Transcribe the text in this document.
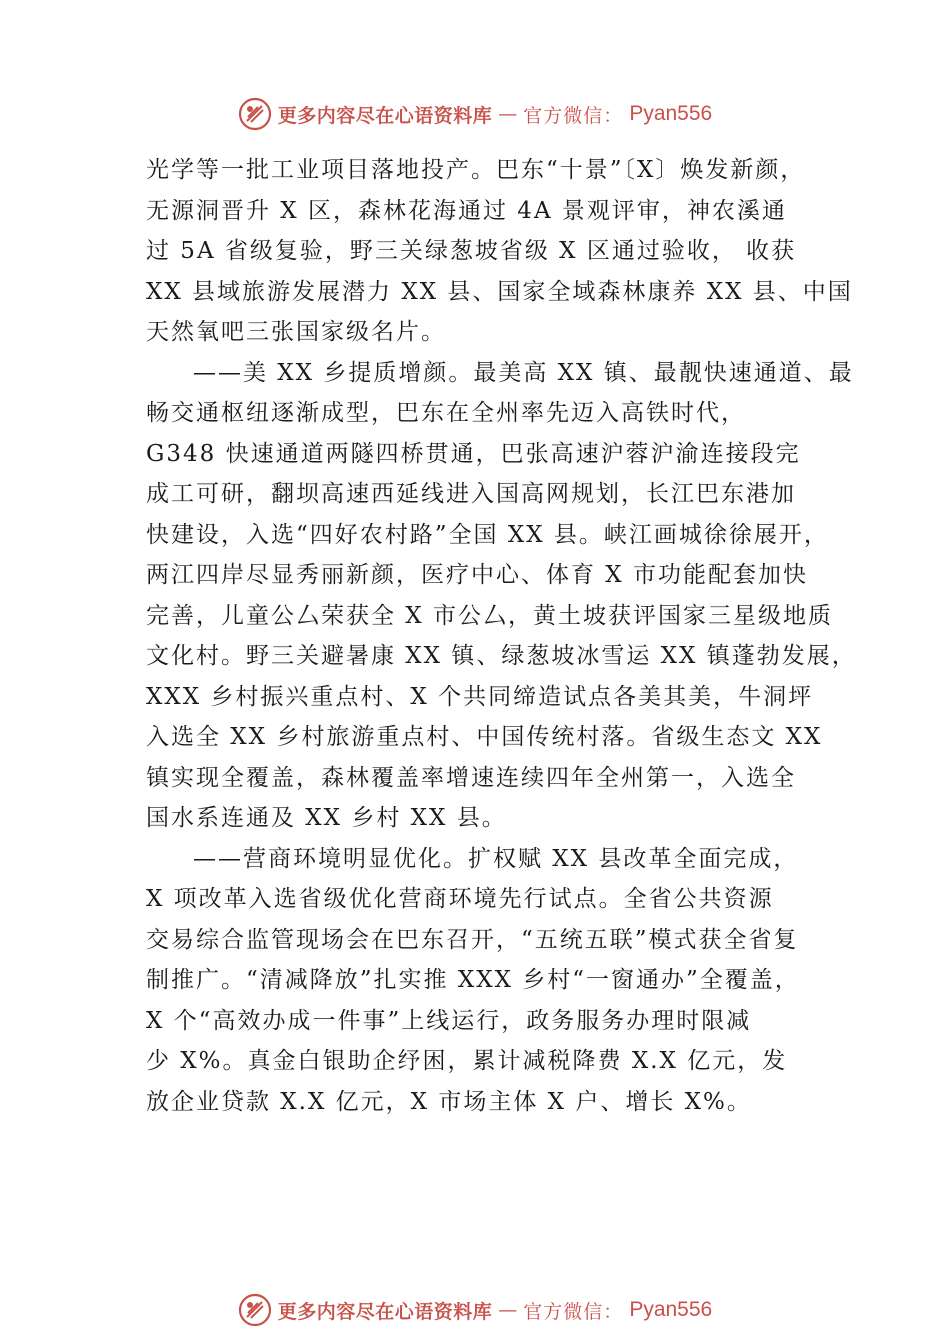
更多内容尽在心语资料库 — 官方微信： Pyan556
光学等一批工业项目落地投产。巴东“十景”〔X〕焕发新颜，
无源洞晋升 X 区，森林花海通过 4A 景观评审，神农溪通
过 5A 省级复验，野三关绿葱坡省级 X 区通过验收， 收获
XX 县域旅游发展潜力 XX 县、国家全域森林康养 XX 县、中国
天然氧吧三张国家级名片。
——美 XX 乡提质增颜。最美高 XX 镇、最靓快速通道、最
畅交通枢纽逐渐成型，巴东在全州率先迈入高铁时代，
G348 快速通道两隧四桥贯通，巴张高速沪蓉沪渝连接段完
成工可研，翻坝高速西延线进入国高网规划，长江巴东港加
快建设，入选“四好农村路”全国 XX 县。峡江画城徐徐展开，
两江四岸尽显秀丽新颜，医疗中心、体育 X 市功能配套加快
完善，儿童公厶荣获全 X 市公厶，黄土坡获评国家三星级地质
文化村。野三关避暑康 XX 镇、绿葱坡冰雪运 XX 镇蓬勃发展，
XXX 乡村振兴重点村、X 个共同缔造试点各美其美，牛洞坪
入选全 XX 乡村旅游重点村、中国传统村落。省级生态文 XX
镇实现全覆盖，森林覆盖率增速连续四年全州第一，入选全
国水系连通及 XX 乡村 XX 县。
——营商环境明显优化。扩权赋 XX 县改革全面完成，
X 项改革入选省级优化营商环境先行试点。全省公共资源
交易综合监管现场会在巴东召开，“五统五联”模式获全省复
制推广。“清减降放”扎实推 XXX 乡村“一窗通办”全覆盖，
X 个“高效办成一件事”上线运行，政务服务办理时限减
少 X%。真金白银助企纾困，累计减税降费 X.X 亿元，发
放企业贷款 X.X 亿元，X 市场主体 X 户、增长 X%。
更多内容尽在心语资料库 — 官方微信： Pyan556
